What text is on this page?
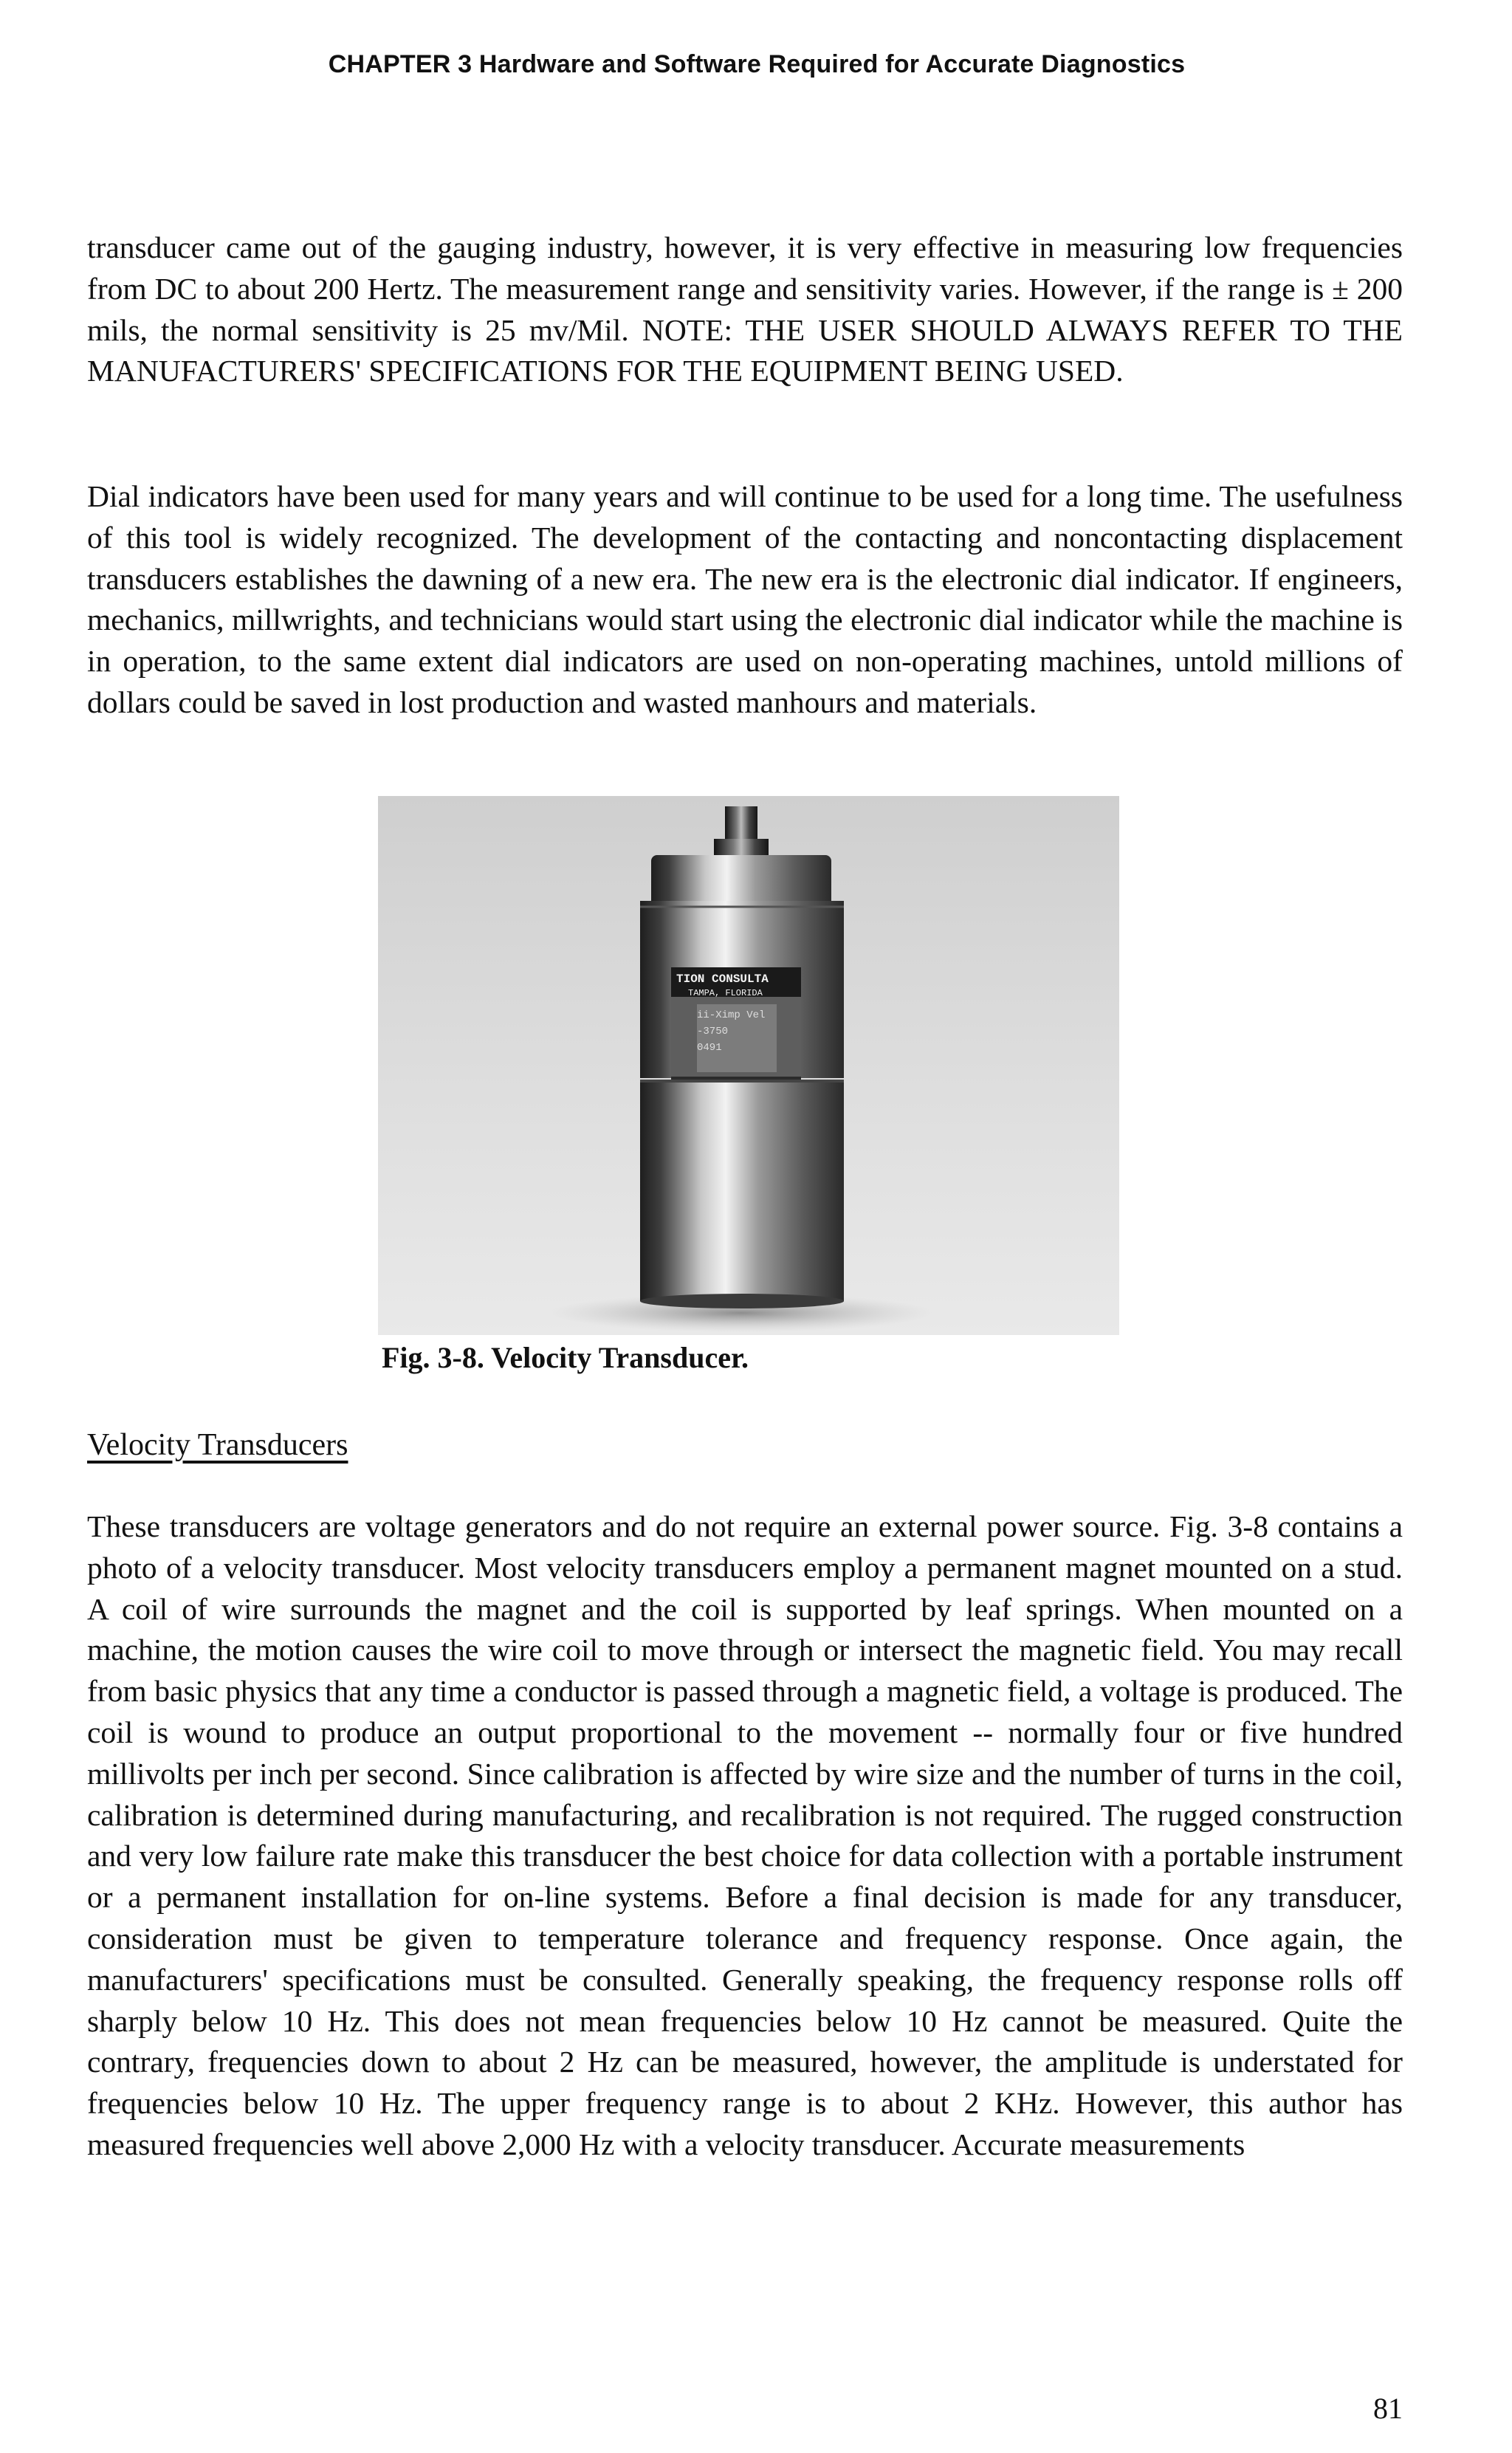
CHAPTER 3 Hardware and Software Required for Accurate Diagnostics

transducer came out of the gauging industry, however, it is very effective in measuring low frequencies from DC to about 200 Hertz. The measurement range and sensitivity varies. However, if the range is ± 200 mils, the normal sensitivity is 25 mv/Mil. NOTE: THE USER SHOULD ALWAYS REFER TO THE MANUFACTURERS' SPECIFICATIONS FOR THE EQUIPMENT BEING USED.

Dial indicators have been used for many years and will continue to be used for a long time. The usefulness of this tool is widely recognized. The development of the contacting and noncontacting displacement transducers establishes the dawning of a new era. The new era is the electronic dial indicator. If engineers, mechanics, millwrights, and technicians would start using the electronic dial indicator while the machine is in operation, to the same extent dial indicators are used on non-operating machines, untold millions of dollars could be saved in lost production and wasted manhours and materials.

TION CONSULTA
TAMPA, FLORIDA
ii-Ximp Vel
-3750
0491

Fig. 3-8. Velocity Transducer.

Velocity Transducers

These transducers are voltage generators and do not require an external power source. Fig. 3-8 contains a photo of a velocity transducer. Most velocity transducers employ a permanent magnet mounted on a stud. A coil of wire surrounds the magnet and the coil is supported by leaf springs. When mounted on a machine, the motion causes the wire coil to move through or intersect the magnetic field. You may recall from basic physics that any time a conductor is passed through a magnetic field, a voltage is produced. The coil is wound to produce an output proportional to the movement -- normally four or five hundred millivolts per inch per second. Since calibration is affected by wire size and the number of turns in the coil, calibration is determined during manufacturing, and recalibration is not required. The rugged construction and very low failure rate make this transducer the best choice for data collection with a portable instrument or a permanent installation for on-line systems. Before a final decision is made for any transducer, consideration must be given to temperature tolerance and frequency response. Once again, the manufacturers' specifications must be consulted. Generally speaking, the frequency response rolls off sharply below 10 Hz. This does not mean frequencies below 10 Hz cannot be measured. Quite the contrary, frequencies down to about 2 Hz can be measured, however, the amplitude is understated for frequencies below 10 Hz. The upper frequency range is to about 2 KHz. However, this author has measured frequencies well above 2,000 Hz with a velocity transducer. Accurate measurements

81
